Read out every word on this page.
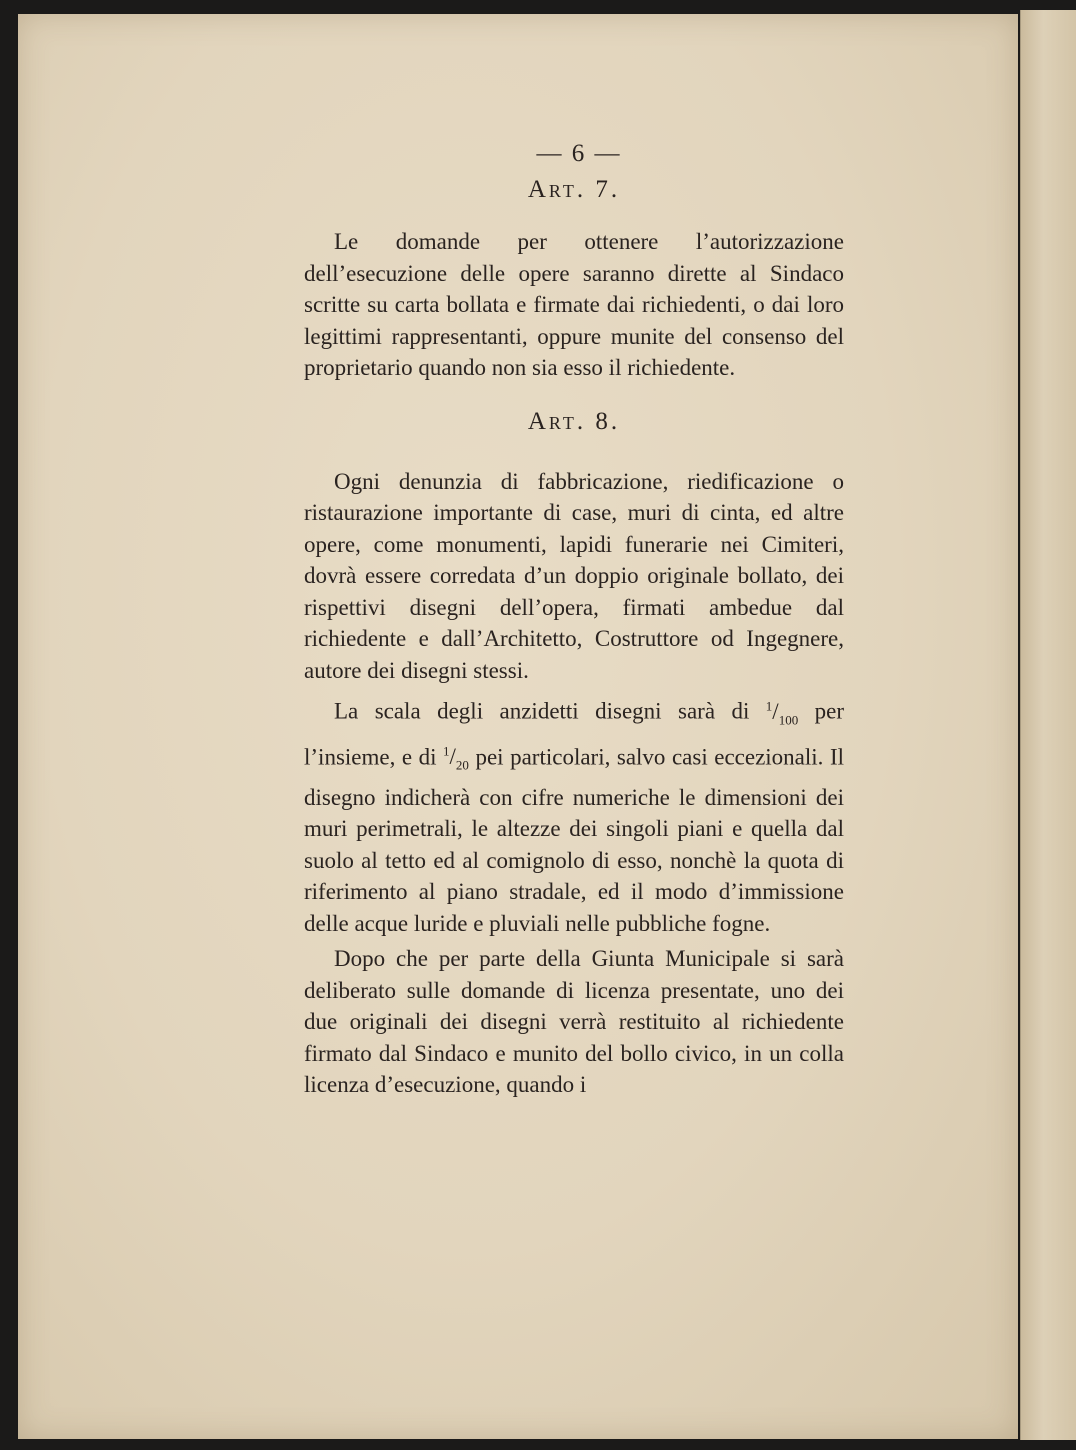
— 6 —
Art. 7.

Le domande per ottenere l’autorizzazione dell’esecuzione delle opere saranno dirette al Sindaco scritte su carta bollata e firmate dai richiedenti, o dai loro legittimi rappresentanti, oppure munite del consenso del proprietario quando non sia esso il richiedente.

Art. 8.

Ogni denunzia di fabbricazione, riedificazione o ristaurazione importante di case, muri di cinta, ed altre opere, come monumenti, lapidi funerarie nei Cimiteri, dovrà essere corredata d’un doppio originale bollato, dei rispettivi disegni dell’opera, firmati ambedue dal richiedente e dall’Architetto, Costruttore od Ingegnere, autore dei disegni stessi.

La scala degli anzidetti disegni sarà di $^1/_{100}$ per l’insieme, e di $^1/_{20}$ pei particolari, salvo casi eccezionali. Il disegno indicherà con cifre numeriche le dimensioni dei muri perimetrali, le altezze dei singoli piani e quella dal suolo al tetto ed al comignolo di esso, nonchè la quota di riferimento al piano stradale, ed il modo d’immissione delle acque luride e pluviali nelle pubbliche fogne.

Dopo che per parte della Giunta Municipale si sarà deliberato sulle domande di licenza presentate, uno dei due originali dei disegni verrà restituito al richiedente firmato dal Sindaco e munito del bollo civico, in un colla licenza d’esecuzione, quando i
